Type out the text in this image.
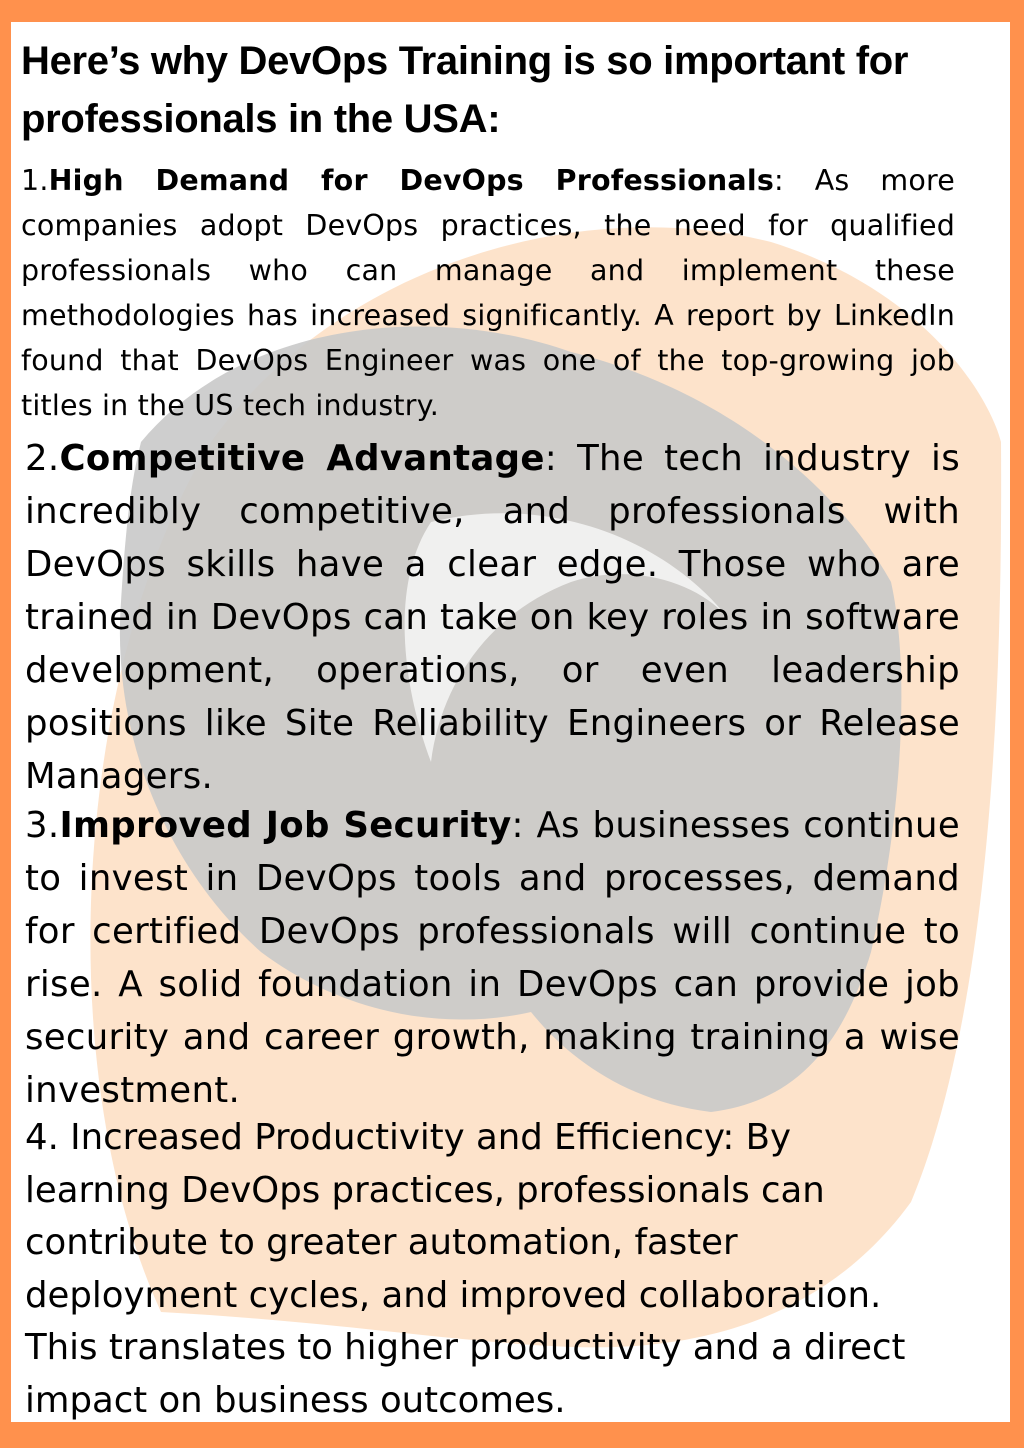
Here’s why DevOps Training is so important for professionals in the USA:

1.High Demand for DevOps Professionals: As more companies adopt DevOps practices, the need for qualified professionals who can manage and implement these methodologies has increased significantly. A report by LinkedIn found that DevOps Engineer was one of the top-growing job titles in the US tech industry.

2.Competitive Advantage: The tech industry is incredibly competitive, and professionals with DevOps skills have a clear edge. Those who are trained in DevOps can take on key roles in software development, operations, or even leadership positions like Site Reliability Engineers or Release Managers.

3.Improved Job Security: As businesses continue to invest in DevOps tools and processes, demand for certified DevOps professionals will continue to rise. A solid foundation in DevOps can provide job security and career growth, making training a wise investment.

4. Increased Productivity and Efficiency: By
learning DevOps practices, professionals can
contribute to greater automation, faster
deployment cycles, and improved collaboration.
This translates to higher productivity and a direct
impact on business outcomes.
